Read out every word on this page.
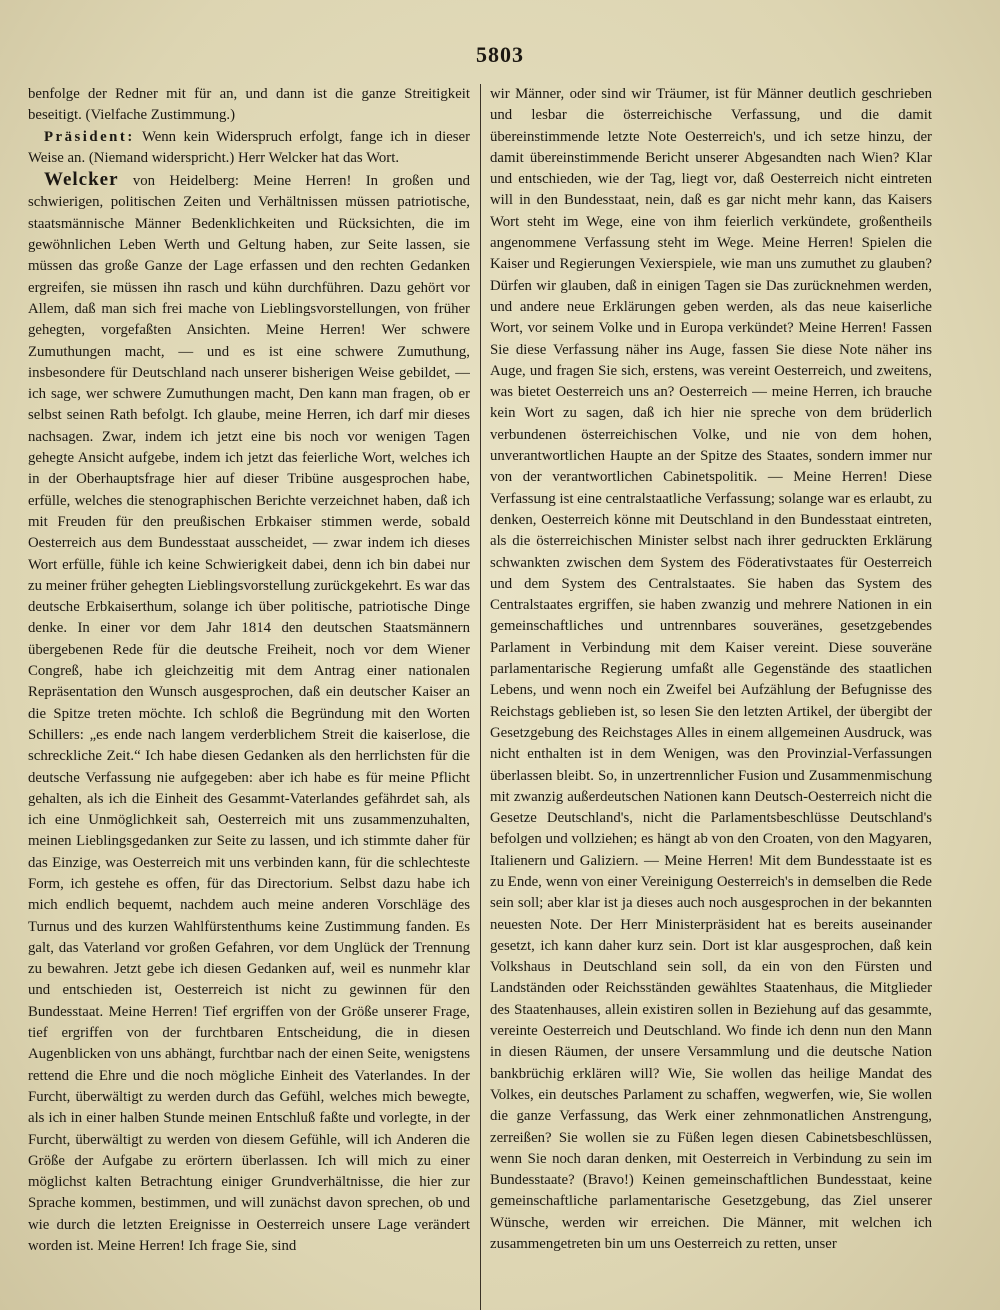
5803

benfolge der Redner mit für an, und dann ist die ganze Streitigkeit beseitigt. (Vielfache Zustimmung.)

Präsident: Wenn kein Widerspruch erfolgt, fange ich in dieser Weise an. (Niemand widerspricht.) Herr Welcker hat das Wort.

Welcker von Heidelberg: Meine Herren! In großen und schwierigen, politischen Zeiten und Verhältnissen müssen patriotische, staatsmännische Männer Bedenklichkeiten und Rücksichten, die im gewöhnlichen Leben Werth und Geltung haben, zur Seite lassen, sie müssen das große Ganze der Lage erfassen und den rechten Gedanken ergreifen, sie müssen ihn rasch und kühn durchführen. Dazu gehört vor Allem, daß man sich frei mache von Lieblingsvorstellungen, von früher gehegten, vorgefaßten Ansichten. Meine Herren! Wer schwere Zumuthungen macht, — und es ist eine schwere Zumuthung, insbesondere für Deutschland nach unserer bisherigen Weise gebildet, — ich sage, wer schwere Zumuthungen macht, Den kann man fragen, ob er selbst seinen Rath befolgt. Ich glaube, meine Herren, ich darf mir dieses nachsagen. Zwar, indem ich jetzt eine bis noch vor wenigen Tagen gehegte Ansicht aufgebe, indem ich jetzt das feierliche Wort, welches ich in der Oberhauptsfrage hier auf dieser Tribüne ausgesprochen habe, erfülle, welches die stenographischen Berichte verzeichnet haben, daß ich mit Freuden für den preußischen Erbkaiser stimmen werde, sobald Oesterreich aus dem Bundesstaat ausscheidet, — zwar indem ich dieses Wort erfülle, fühle ich keine Schwierigkeit dabei, denn ich bin dabei nur zu meiner früher gehegten Lieblingsvorstellung zurückgekehrt. Es war das deutsche Erbkaiserthum, solange ich über politische, patriotische Dinge denke. In einer vor dem Jahr 1814 den deutschen Staatsmännern übergebenen Rede für die deutsche Freiheit, noch vor dem Wiener Congreß, habe ich gleichzeitig mit dem Antrag einer nationalen Repräsentation den Wunsch ausgesprochen, daß ein deutscher Kaiser an die Spitze treten möchte. Ich schloß die Begründung mit den Worten Schillers: „es ende nach langem verderblichem Streit die kaiserlose, die schreckliche Zeit.“ Ich habe diesen Gedanken als den herrlichsten für die deutsche Verfassung nie aufgegeben: aber ich habe es für meine Pflicht gehalten, als ich die Einheit des Gesammt-Vaterlandes gefährdet sah, als ich eine Unmöglichkeit sah, Oesterreich mit uns zusammenzuhalten, meinen Lieblingsgedanken zur Seite zu lassen, und ich stimmte daher für das Einzige, was Oesterreich mit uns verbinden kann, für die schlechteste Form, ich gestehe es offen, für das Directorium. Selbst dazu habe ich mich endlich bequemt, nachdem auch meine anderen Vorschläge des Turnus und des kurzen Wahlfürstenthums keine Zustimmung fanden. Es galt, das Vaterland vor großen Gefahren, vor dem Unglück der Trennung zu bewahren. Jetzt gebe ich diesen Gedanken auf, weil es nunmehr klar und entschieden ist, Oesterreich ist nicht zu gewinnen für den Bundesstaat. Meine Herren! Tief ergriffen von der Größe unserer Frage, tief ergriffen von der furchtbaren Entscheidung, die in diesen Augenblicken von uns abhängt, furchtbar nach der einen Seite, wenigstens rettend die Ehre und die noch mögliche Einheit des Vaterlandes. In der Furcht, überwältigt zu werden durch das Gefühl, welches mich bewegte, als ich in einer halben Stunde meinen Entschluß faßte und vorlegte, in der Furcht, überwältigt zu werden von diesem Gefühle, will ich Anderen die Größe der Aufgabe zu erörtern überlassen. Ich will mich zu einer möglichst kalten Betrachtung einiger Grundverhältnisse, die hier zur Sprache kommen, bestimmen, und will zunächst davon sprechen, ob und wie durch die letzten Ereignisse in Oesterreich unsere Lage verändert worden ist. Meine Herren! Ich frage Sie, sind

wir Männer, oder sind wir Träumer, ist für Männer deutlich geschrieben und lesbar die österreichische Verfassung, und die damit übereinstimmende letzte Note Oesterreich's, und ich setze hinzu, der damit übereinstimmende Bericht unserer Abgesandten nach Wien? Klar und entschieden, wie der Tag, liegt vor, daß Oesterreich nicht eintreten will in den Bundesstaat, nein, daß es gar nicht mehr kann, das Kaisers Wort steht im Wege, eine von ihm feierlich verkündete, großentheils angenommene Verfassung steht im Wege. Meine Herren! Spielen die Kaiser und Regierungen Vexierspiele, wie man uns zumuthet zu glauben? Dürfen wir glauben, daß in einigen Tagen sie Das zurücknehmen werden, und andere neue Erklärungen geben werden, als das neue kaiserliche Wort, vor seinem Volke und in Europa verkündet? Meine Herren! Fassen Sie diese Verfassung näher ins Auge, fassen Sie diese Note näher ins Auge, und fragen Sie sich, erstens, was vereint Oesterreich, und zweitens, was bietet Oesterreich uns an? Oesterreich — meine Herren, ich brauche kein Wort zu sagen, daß ich hier nie spreche von dem brüderlich verbundenen österreichischen Volke, und nie von dem hohen, unverantwortlichen Haupte an der Spitze des Staates, sondern immer nur von der verantwortlichen Cabinetspolitik. — Meine Herren! Diese Verfassung ist eine centralstaatliche Verfassung; solange war es erlaubt, zu denken, Oesterreich könne mit Deutschland in den Bundesstaat eintreten, als die österreichischen Minister selbst nach ihrer gedruckten Erklärung schwankten zwischen dem System des Föderativstaates für Oesterreich und dem System des Centralstaates. Sie haben das System des Centralstaates ergriffen, sie haben zwanzig und mehrere Nationen in ein gemeinschaftliches und untrennbares souveränes, gesetzgebendes Parlament in Verbindung mit dem Kaiser vereint. Diese souveräne parlamentarische Regierung umfaßt alle Gegenstände des staatlichen Lebens, und wenn noch ein Zweifel bei Aufzählung der Befugnisse des Reichstags geblieben ist, so lesen Sie den letzten Artikel, der übergibt der Gesetzgebung des Reichstages Alles in einem allgemeinen Ausdruck, was nicht enthalten ist in dem Wenigen, was den Provinzial-Verfassungen überlassen bleibt. So, in unzertrennlicher Fusion und Zusammenmischung mit zwanzig außerdeutschen Nationen kann Deutsch-Oesterreich nicht die Gesetze Deutschland's, nicht die Parlamentsbeschlüsse Deutschland's befolgen und vollziehen; es hängt ab von den Croaten, von den Magyaren, Italienern und Galiziern. — Meine Herren! Mit dem Bundesstaate ist es zu Ende, wenn von einer Vereinigung Oesterreich's in demselben die Rede sein soll; aber klar ist ja dieses auch noch ausgesprochen in der bekannten neuesten Note. Der Herr Ministerpräsident hat es bereits auseinander gesetzt, ich kann daher kurz sein. Dort ist klar ausgesprochen, daß kein Volkshaus in Deutschland sein soll, da ein von den Fürsten und Landständen oder Reichsständen gewähltes Staatenhaus, die Mitglieder des Staatenhauses, allein existiren sollen in Beziehung auf das gesammte, vereinte Oesterreich und Deutschland. Wo finde ich denn nun den Mann in diesen Räumen, der unsere Versammlung und die deutsche Nation bankbrüchig erklären will? Wie, Sie wollen das heilige Mandat des Volkes, ein deutsches Parlament zu schaffen, wegwerfen, wie, Sie wollen die ganze Verfassung, das Werk einer zehnmonatlichen Anstrengung, zerreißen? Sie wollen sie zu Füßen legen diesen Cabinetsbeschlüssen, wenn Sie noch daran denken, mit Oesterreich in Verbindung zu sein im Bundesstaate? (Bravo!) Keinen gemeinschaftlichen Bundesstaat, keine gemeinschaftliche parlamentarische Gesetzgebung, das Ziel unserer Wünsche, werden wir erreichen. Die Männer, mit welchen ich zusammengetreten bin um uns Oesterreich zu retten, unser
